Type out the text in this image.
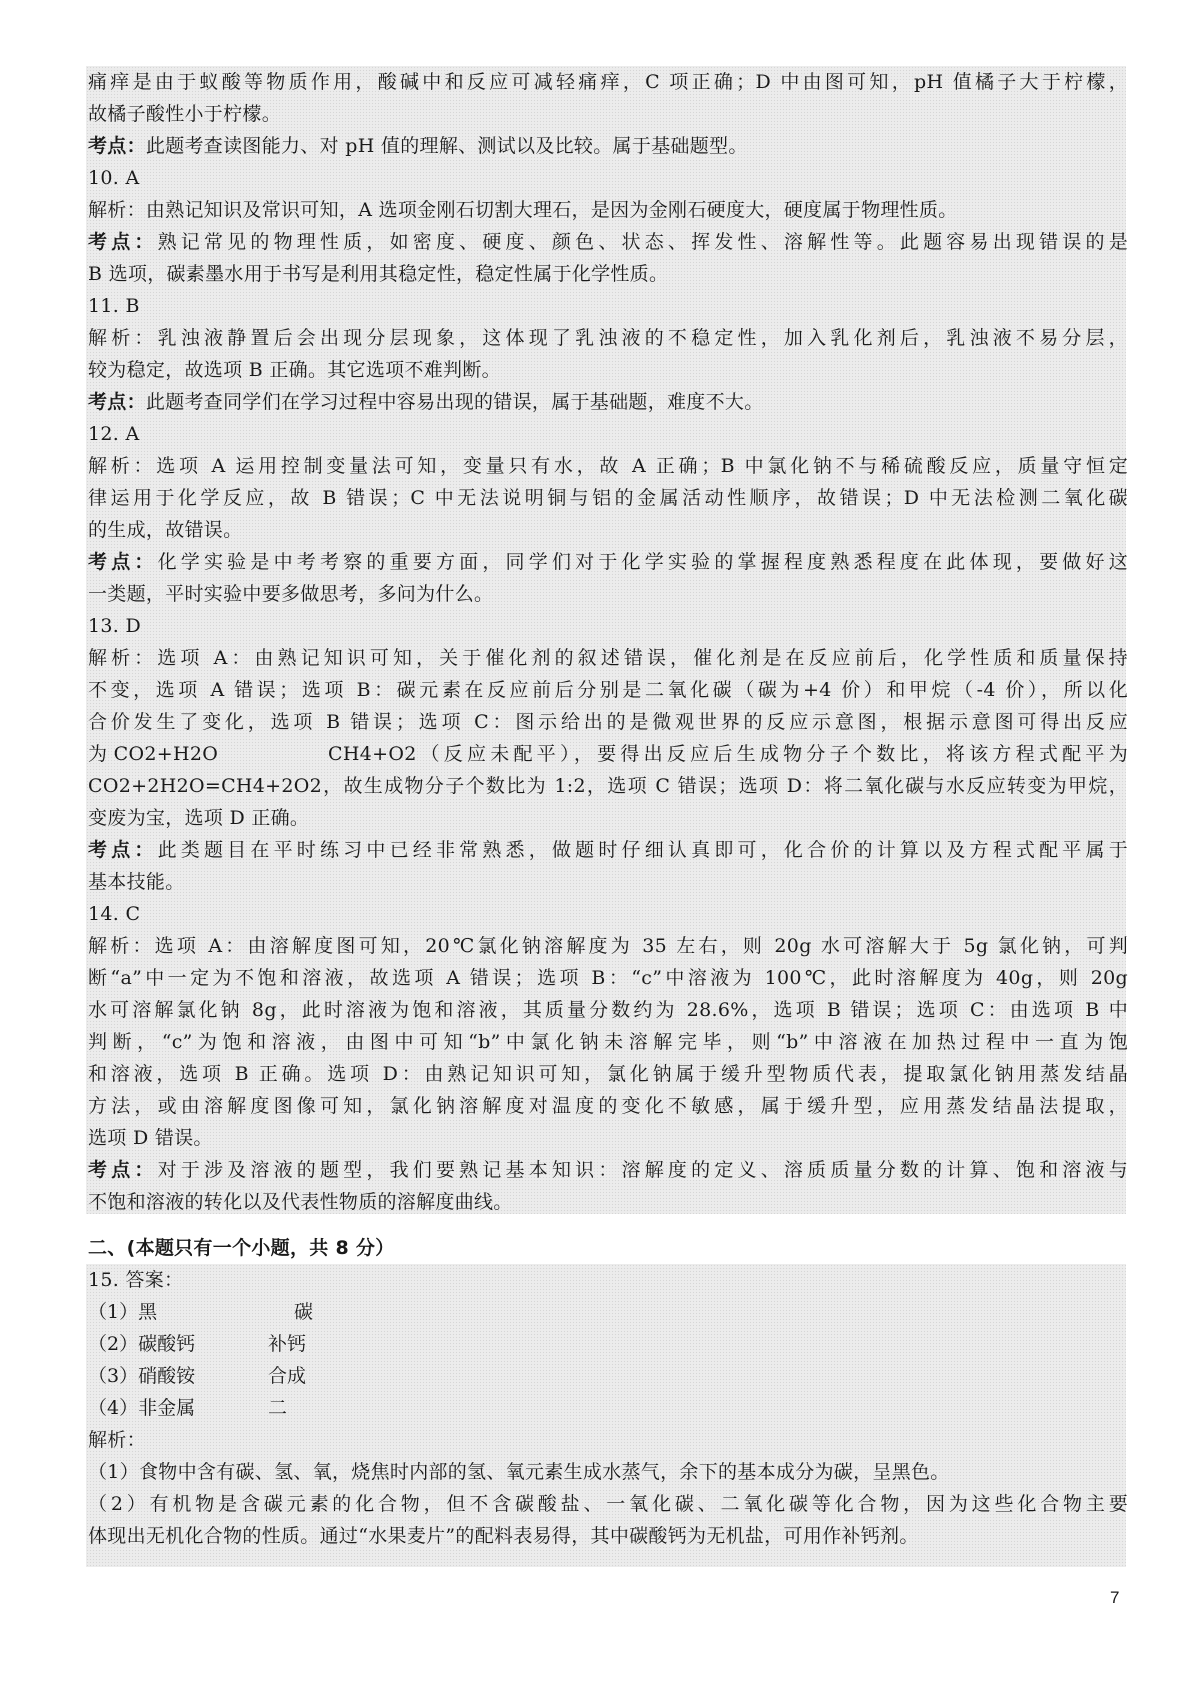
痛痒是由于蚁酸等物质作用，酸碱中和反应可减轻痛痒，C 项正确；D 中由图可知，pH 值橘子大于柠檬，
故橘子酸性小于柠檬。
考点：此题考查读图能力、对 pH 值的理解、测试以及比较。属于基础题型。
10. A
解析：由熟记知识及常识可知，A 选项金刚石切割大理石，是因为金刚石硬度大，硬度属于物理性质。
考点：熟记常见的物理性质，如密度、硬度、颜色、状态、挥发性、溶解性等。此题容易出现错误的是
B 选项，碳素墨水用于书写是利用其稳定性，稳定性属于化学性质。
11. B
解析：乳浊液静置后会出现分层现象，这体现了乳浊液的不稳定性，加入乳化剂后，乳浊液不易分层，
较为稳定，故选项 B 正确。其它选项不难判断。
考点：此题考查同学们在学习过程中容易出现的错误，属于基础题，难度不大。
12. A
解析：选项 A 运用控制变量法可知，变量只有水，故 A 正确；B 中氯化钠不与稀硫酸反应，质量守恒定
律运用于化学反应，故 B 错误；C 中无法说明铜与铝的金属活动性顺序，故错误；D 中无法检测二氧化碳
的生成，故错误。
考点：化学实验是中考考察的重要方面，同学们对于化学实验的掌握程度熟悉程度在此体现，要做好这
一类题，平时实验中要多做思考，多问为什么。
13. D
解析：选项 A：由熟记知识可知，关于催化剂的叙述错误，催化剂是在反应前后，化学性质和质量保持
不变，选项 A 错误；选项 B：碳元素在反应前后分别是二氧化碳（碳为+4 价）和甲烷（-4 价），所以化
合价发生了变化，选项 B 错误；选项 C：图示给出的是微观世界的反应示意图，根据示意图可得出反应
为 CO2+H2O	CH4+O2（反应未配平），要得出反应后生成物分子个数比，将该方程式配平为
CO2+2H2O=CH4+2O2，故生成物分子个数比为 1:2，选项 C 错误；选项 D：将二氧化碳与水反应转变为甲烷，
变废为宝，选项 D 正确。
考点：此类题目在平时练习中已经非常熟悉，做题时仔细认真即可，化合价的计算以及方程式配平属于
基本技能。
14. C
解析：选项 A：由溶解度图可知，20℃氯化钠溶解度为 35 左右，则 20g 水可溶解大于 5g 氯化钠，可判
断“a”中一定为不饱和溶液，故选项 A 错误；选项 B：“c”中溶液为 100℃，此时溶解度为 40g，则 20g
水可溶解氯化钠 8g，此时溶液为饱和溶液，其质量分数约为 28.6%，选项 B 错误；选项 C：由选项 B 中
判断，“c”为饱和溶液，由图中可知“b”中氯化钠未溶解完毕，则“b”中溶液在加热过程中一直为饱
和溶液，选项 B 正确。选项 D：由熟记知识可知，氯化钠属于缓升型物质代表，提取氯化钠用蒸发结晶
方法，或由溶解度图像可知，氯化钠溶解度对温度的变化不敏感，属于缓升型，应用蒸发结晶法提取，
选项 D 错误。
考点：对于涉及溶液的题型，我们要熟记基本知识：溶解度的定义、溶质质量分数的计算、饱和溶液与
不饱和溶液的转化以及代表性物质的溶解度曲线。
二、(本题只有一个小题，共 8 分）
15. 答案：
（1）黑	碳
（2）碳酸钙	补钙
（3）硝酸铵	合成
（4）非金属	二
解析：
（1）食物中含有碳、氢、氧，烧焦时内部的氢、氧元素生成水蒸气，余下的基本成分为碳，呈黑色。
（2）有机物是含碳元素的化合物，但不含碳酸盐、一氧化碳、二氧化碳等化合物，因为这些化合物主要
体现出无机化合物的性质。通过“水果麦片”的配料表易得，其中碳酸钙为无机盐，可用作补钙剂。
7
